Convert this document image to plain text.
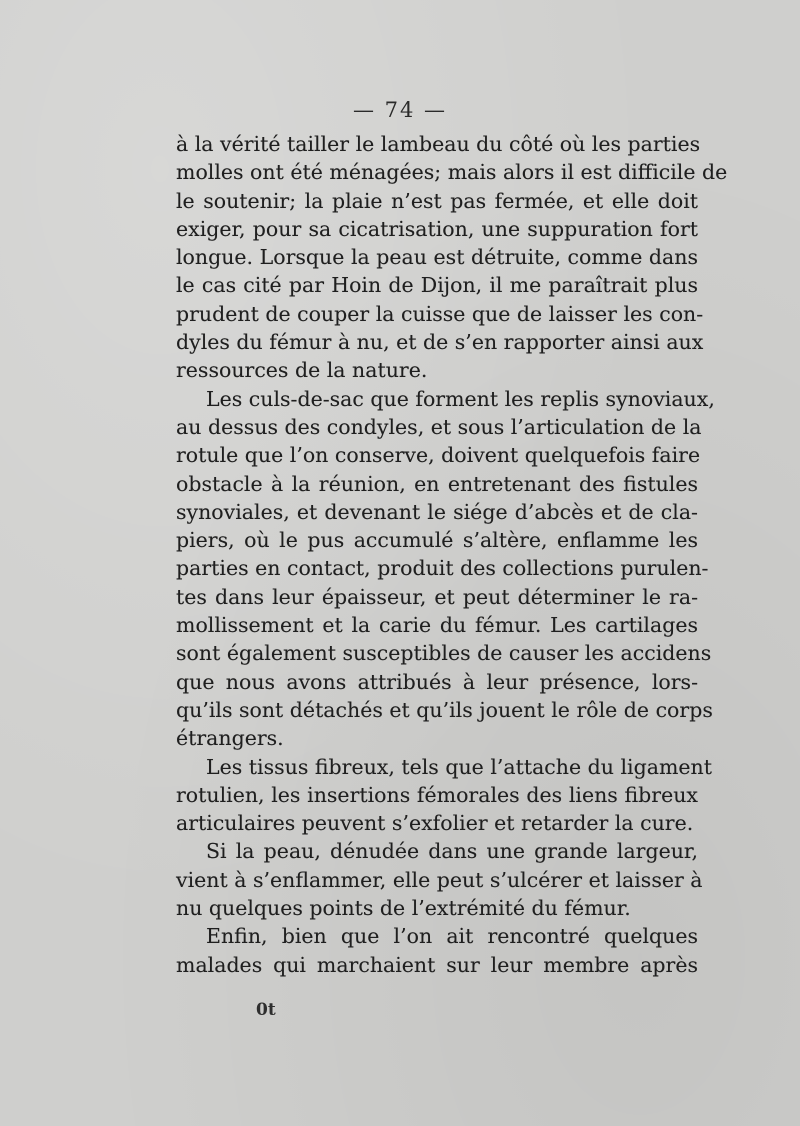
— 74 —
à la vérité tailler le lambeau du côté où les parties
molles ont été ménagées; mais alors il est difficile de
le soutenir; la plaie n’est pas fermée, et elle doit
exiger, pour sa cicatrisation, une suppuration fort
longue. Lorsque la peau est détruite, comme dans
le cas cité par Hoin de Dijon, il me paraîtrait plus
prudent de couper la cuisse que de laisser les con-
dyles du fémur à nu, et de s’en rapporter ainsi aux
ressources de la nature.
Les culs-de-sac que forment les replis synoviaux,
au dessus des condyles, et sous l’articulation de la
rotule que l’on conserve, doivent quelquefois faire
obstacle à la réunion, en entretenant des fistules
synoviales, et devenant le siége d’abcès et de cla-
piers, où le pus accumulé s’altère, enflamme les
parties en contact, produit des collections purulen-
tes dans leur épaisseur, et peut déterminer le ra-
mollissement et la carie du fémur. Les cartilages
sont également susceptibles de causer les accidens
que nous avons attribués à leur présence, lors-
qu’ils sont détachés et qu’ils jouent le rôle de corps
étrangers.
Les tissus fibreux, tels que l’attache du ligament
rotulien, les insertions fémorales des liens fibreux
articulaires peuvent s’exfolier et retarder la cure.
Si la peau, dénudée dans une grande largeur,
vient à s’enflammer, elle peut s’ulcérer et laisser à
nu quelques points de l’extrémité du fémur.
Enfin, bien que l’on ait rencontré quelques
malades qui marchaient sur leur membre après
0t
